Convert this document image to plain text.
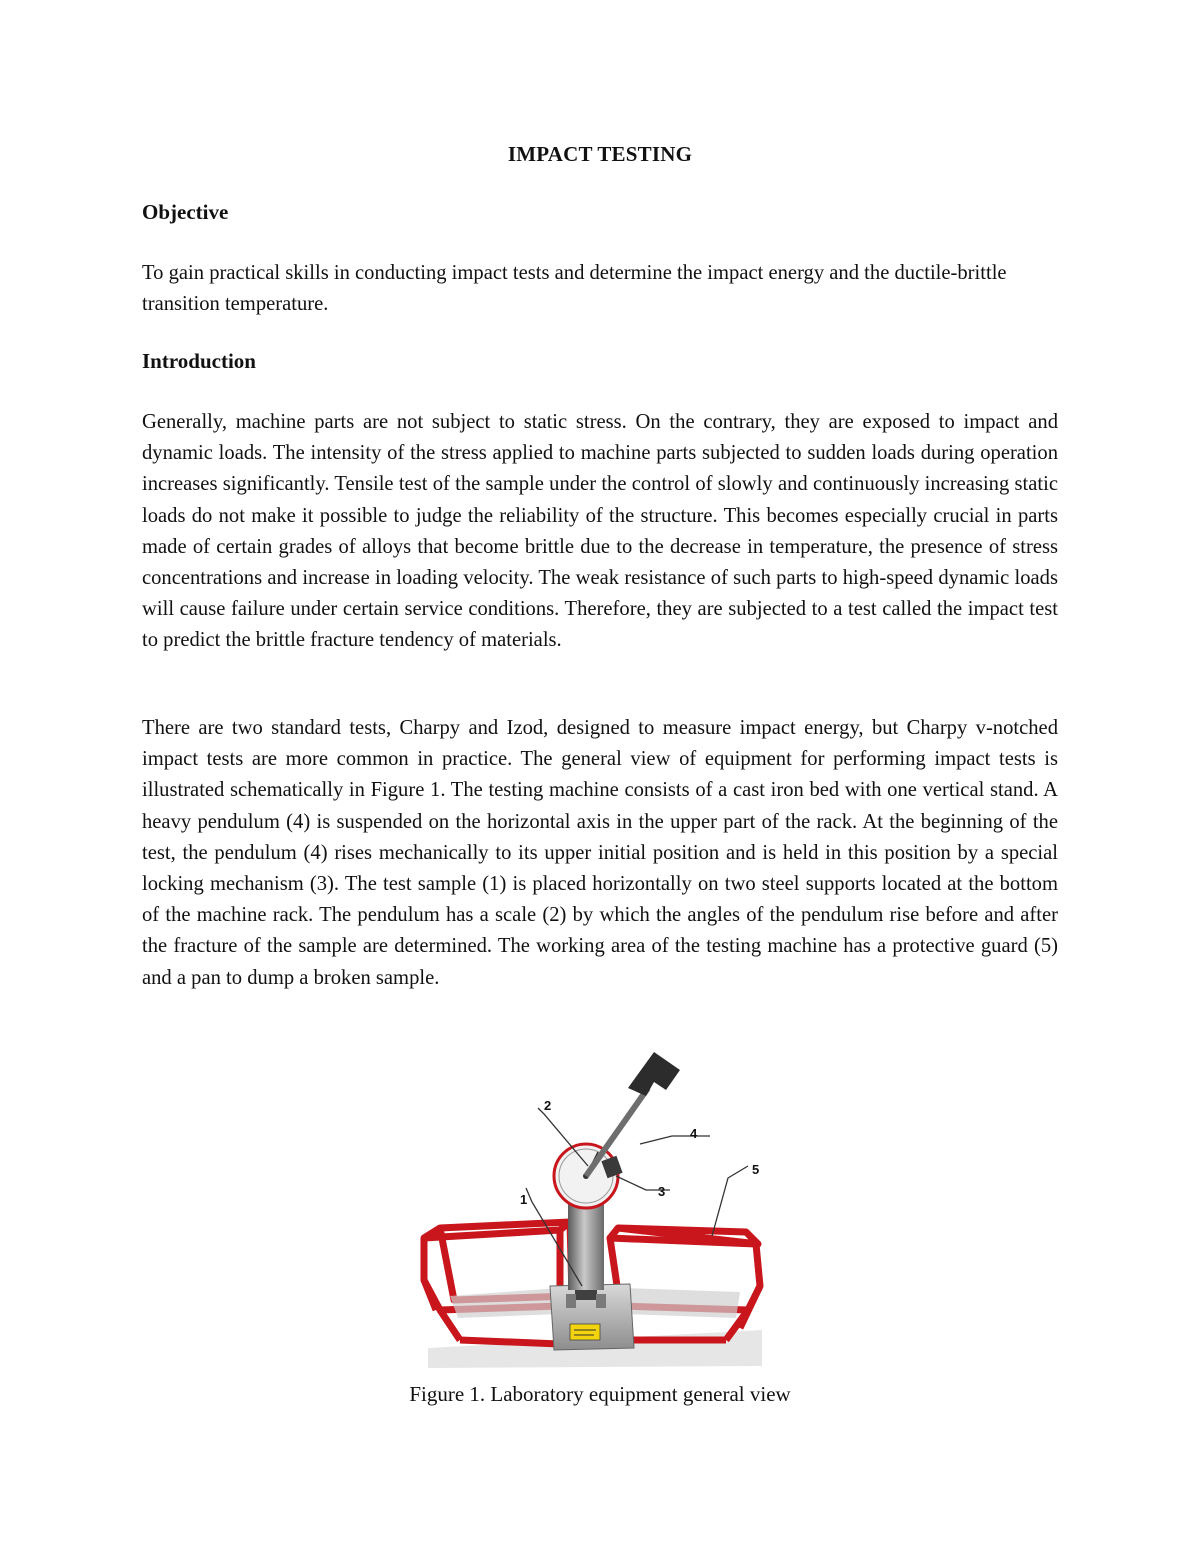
IMPACT TESTING
Objective

To gain practical skills in conducting impact tests and determine the impact energy and the ductile-brittle transition temperature.

Introduction

Generally, machine parts are not subject to static stress. On the contrary, they are exposed to impact and dynamic loads. The intensity of the stress applied to machine parts subjected to sudden loads during operation increases significantly. Tensile test of the sample under the control of slowly and continuously increasing static loads do not make it possible to judge the reliability of the structure. This becomes especially crucial in parts made of certain grades of alloys that become brittle due to the decrease in temperature, the presence of stress concentrations and increase in loading velocity. The weak resistance of such parts to high-speed dynamic loads will cause failure under certain service conditions. Therefore, they are subjected to a test called the impact test to predict the brittle fracture tendency of materials.

There are two standard tests, Charpy and Izod, designed to measure impact energy, but Charpy v-notched impact tests are more common in practice. The general view of equipment for performing impact tests is illustrated schematically in Figure 1. The testing machine consists of a cast iron bed with one vertical stand. A heavy pendulum (4) is suspended on the horizontal axis in the upper part of the rack. At the beginning of the test, the pendulum (4) rises mechanically to its upper initial position and is held in this position by a special locking mechanism (3). The test sample (1) is placed horizontally on two steel supports located at the bottom of the machine rack. The pendulum has a scale (2) by which the angles of the pendulum rise before and after the fracture of the sample are determined. The working area of the testing machine has a protective guard (5) and a pan to dump a broken sample.

2
1
4
3
5
Figure 1. Laboratory equipment general view
